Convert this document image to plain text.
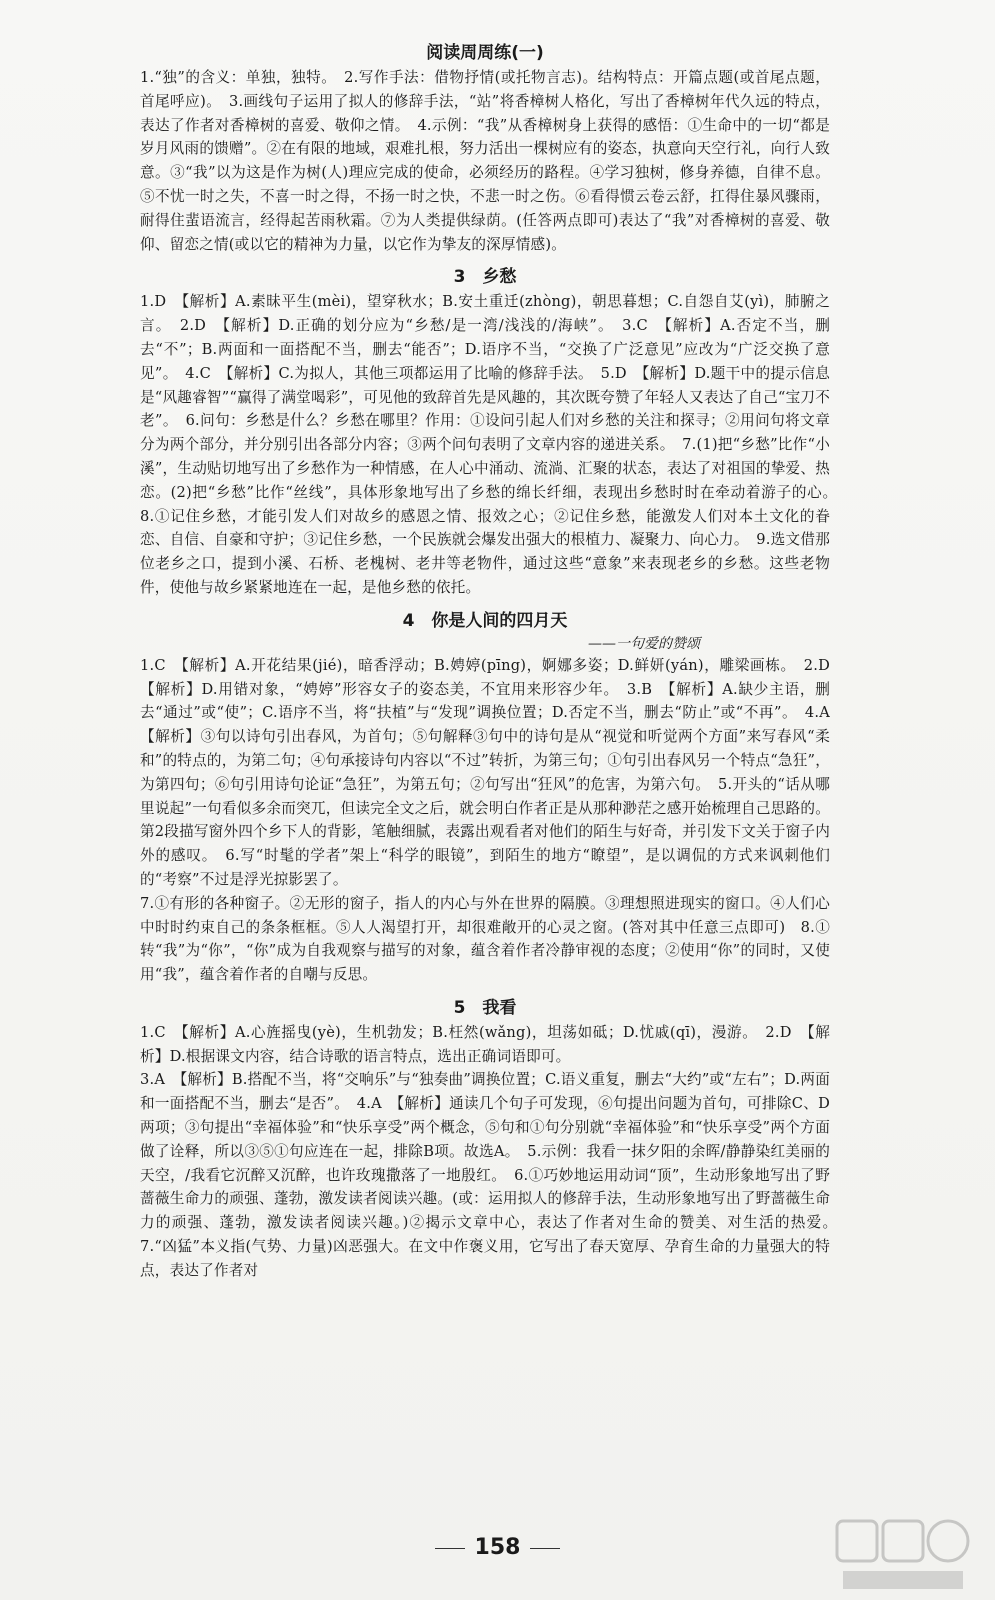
阅读周周练(一)

1.“独”的含义：单独，独特。　2.写作手法：借物抒情(或托物言志)。结构特点：开篇点题(或首尾点题，首尾呼应)。　3.画线句子运用了拟人的修辞手法，“站”将香樟树人格化，写出了香樟树年代久远的特点，表达了作者对香樟树的喜爱、敬仰之情。　4.示例：“我”从香樟树身上获得的感悟：①生命中的一切“都是岁月风雨的馈赠”。②在有限的地域，艰难扎根，努力活出一棵树应有的姿态，执意向天空行礼，向行人致意。③“我”以为这是作为树(人)理应完成的使命，必须经历的路程。④学习独树，修身养德，自律不息。⑤不忧一时之失，不喜一时之得，不扬一时之快，不悲一时之伤。⑥看得惯云卷云舒，扛得住暴风骤雨，耐得住蜚语流言，经得起苦雨秋霜。⑦为人类提供绿荫。(任答两点即可)表达了“我”对香樟树的喜爱、敬仰、留恋之情(或以它的精神为力量，以它作为挚友的深厚情感)。

3　乡愁

1.D　【解析】A.素昧平生(mèi)，望穿秋水；B.安土重迁(zhòng)，朝思暮想；C.自怨自艾(yì)，肺腑之言。　2.D　【解析】D.正确的划分应为“乡愁/是一湾/浅浅的/海峡”。　3.C　【解析】A.否定不当，删去“不”；B.两面和一面搭配不当，删去“能否”；D.语序不当，“交换了广泛意见”应改为“广泛交换了意见”。　4.C　【解析】C.为拟人，其他三项都运用了比喻的修辞手法。　5.D　【解析】D.题干中的提示信息是“风趣睿智”“赢得了满堂喝彩”，可见他的致辞首先是风趣的，其次既夸赞了年轻人又表达了自己“宝刀不老”。　6.问句：乡愁是什么？乡愁在哪里？作用：①设问引起人们对乡愁的关注和探寻；②用问句将文章分为两个部分，并分别引出各部分内容；③两个问句表明了文章内容的递进关系。　7.(1)把“乡愁”比作“小溪”，生动贴切地写出了乡愁作为一种情感，在人心中涌动、流淌、汇聚的状态，表达了对祖国的挚爱、热恋。(2)把“乡愁”比作“丝线”，具体形象地写出了乡愁的绵长纤细，表现出乡愁时时在牵动着游子的心。　8.①记住乡愁，才能引发人们对故乡的感恩之情、报效之心；②记住乡愁，能激发人们对本土文化的眷恋、自信、自豪和守护；③记住乡愁，一个民族就会爆发出强大的根植力、凝聚力、向心力。　9.选文借那位老乡之口，提到小溪、石桥、老槐树、老井等老物件，通过这些“意象”来表现老乡的乡愁。这些老物件，使他与故乡紧紧地连在一起，是他乡愁的依托。

4　你是人间的四月天

——一句爱的赞颂

1.C　【解析】A.开花结果(jié)，暗香浮动；B.娉婷(pīng)，婀娜多姿；D.鲜妍(yán)，雕梁画栋。　2.D　【解析】D.用错对象，“娉婷”形容女子的姿态美，不宜用来形容少年。　3.B　【解析】A.缺少主语，删去“通过”或“使”；C.语序不当，将“扶植”与“发现”调换位置；D.否定不当，删去“防止”或“不再”。　4.A　【解析】③句以诗句引出春风，为首句；⑤句解释③句中的诗句是从“视觉和听觉两个方面”来写春风“柔和”的特点的，为第二句；④句承接诗句内容以“不过”转折，为第三句；①句引出春风另一个特点“急狂”，为第四句；⑥句引用诗句论证“急狂”，为第五句；②句写出“狂风”的危害，为第六句。　5.开头的“话从哪里说起”一句看似多余而突兀，但读完全文之后，就会明白作者正是从那种渺茫之感开始梳理自己思路的。第2段描写窗外四个乡下人的背影，笔触细腻，表露出观看者对他们的陌生与好奇，并引发下文关于窗子内外的感叹。　6.写“时髦的学者”架上“科学的眼镜”，到陌生的地方“瞭望”，是以调侃的方式来讽刺他们的“考察”不过是浮光掠影罢了。

7.①有形的各种窗子。②无形的窗子，指人的内心与外在世界的隔膜。③理想照进现实的窗口。④人们心中时时约束自己的条条框框。⑤人人渴望打开，却很难敞开的心灵之窗。(答对其中任意三点即可)　8.①转“我”为“你”，“你”成为自我观察与描写的对象，蕴含着作者冷静审视的态度；②使用“你”的同时，又使用“我”，蕴含着作者的自嘲与反思。

5　我看

1.C　【解析】A.心旌摇曳(yè)，生机勃发；B.枉然(wǎng)，坦荡如砥；D.忧戚(qī)，漫游。　2.D　【解析】D.根据课文内容，结合诗歌的语言特点，选出正确词语即可。

3.A　【解析】B.搭配不当，将“交响乐”与“独奏曲”调换位置；C.语义重复，删去“大约”或“左右”；D.两面和一面搭配不当，删去“是否”。　4.A　【解析】通读几个句子可发现，⑥句提出问题为首句，可排除C、D两项；③句提出“幸福体验”和“快乐享受”两个概念，⑤句和①句分别就“幸福体验”和“快乐享受”两个方面做了诠释，所以③⑤①句应连在一起，排除B项。故选A。　5.示例：我看一抹夕阳的余晖/静静染红美丽的天空，/我看它沉醉又沉醉，也许玫瑰撒落了一地殷红。　6.①巧妙地运用动词“顶”，生动形象地写出了野蔷薇生命力的顽强、蓬勃，激发读者阅读兴趣。(或：运用拟人的修辞手法，生动形象地写出了野蔷薇生命力的顽强、蓬勃，激发读者阅读兴趣。)②揭示文章中心，表达了作者对生命的赞美、对生活的热爱。　7.“凶猛”本义指(气势、力量)凶恶强大。在文中作褒义用，它写出了春天宽厚、孕育生命的力量强大的特点，表达了作者对

158
